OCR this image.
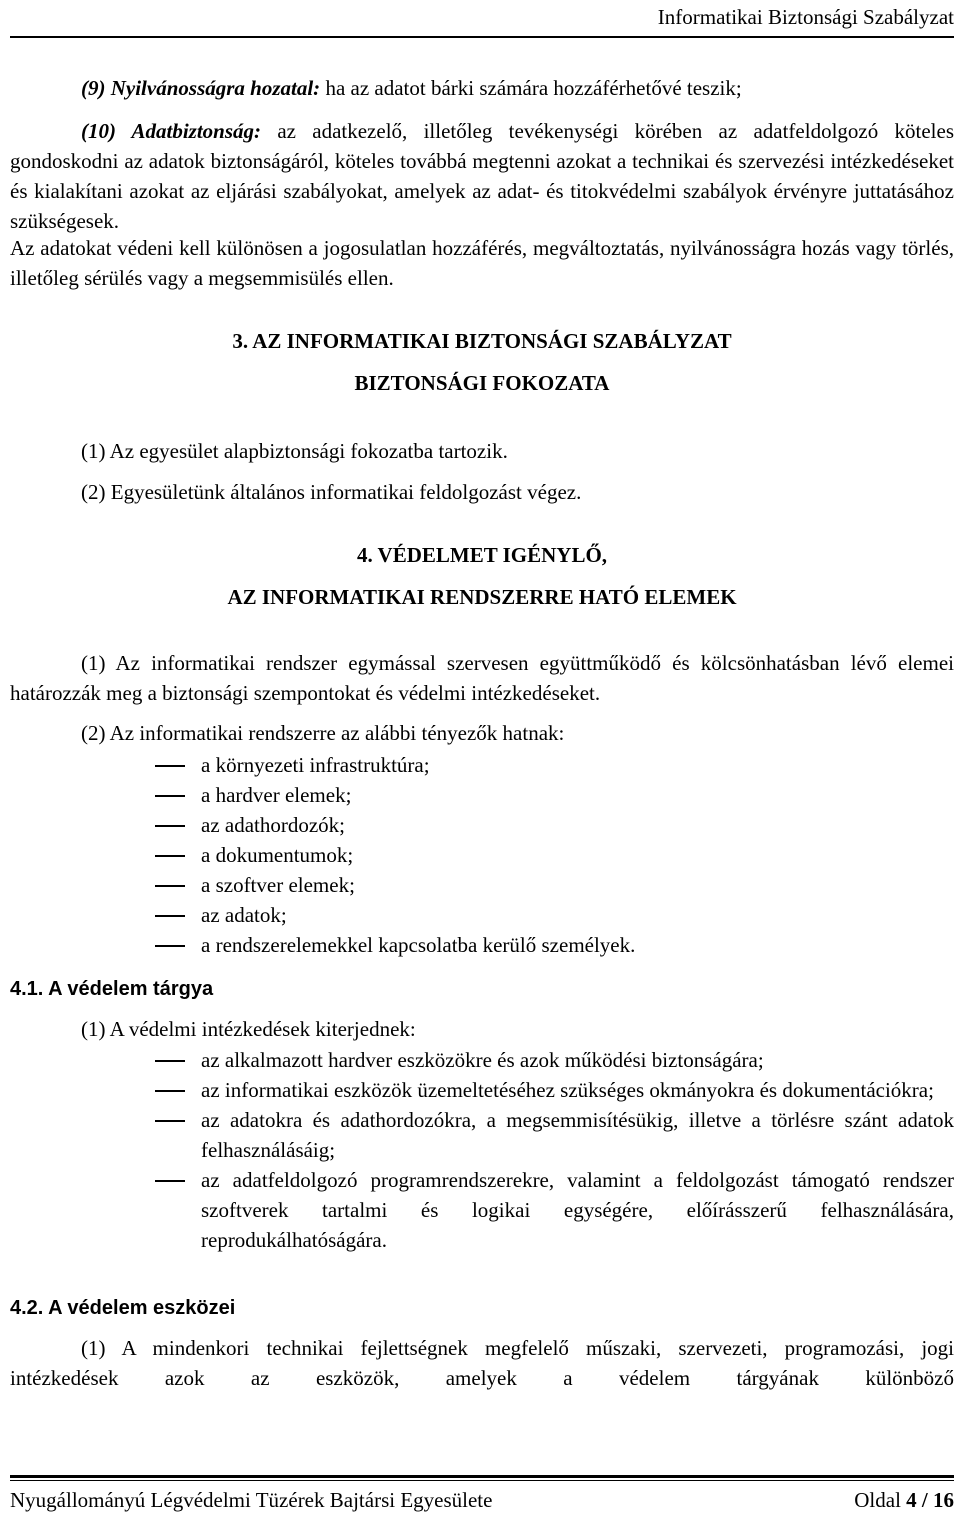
Informatikai Biztonsági Szabályzat

(9) Nyilvánosságra hozatal: ha az adatot bárki számára hozzáférhetővé teszik;

(10) Adatbiztonság: az adatkezelő, illetőleg tevékenységi körében az adatfeldolgozó köteles gondoskodni az adatok biztonságáról, köteles továbbá megtenni azokat a technikai és szervezési intézkedéseket és kialakítani azokat az eljárási szabályokat, amelyek az adat- és titokvédelmi szabályok érvényre juttatásához szükségesek.

Az adatokat védeni kell különösen a jogosulatlan hozzáférés, megváltoztatás, nyilvánosságra hozás vagy törlés, illetőleg sérülés vagy a megsemmisülés ellen.

3. AZ INFORMATIKAI BIZTONSÁGI SZABÁLYZAT
BIZTONSÁGI FOKOZATA

(1) Az egyesület alapbiztonsági fokozatba tartozik.

(2) Egyesületünk általános informatikai feldolgozást végez.

4. VÉDELMET IGÉNYLŐ,
AZ INFORMATIKAI RENDSZERRE HATÓ ELEMEK

(1) Az informatikai rendszer egymással szervesen együttműködő és kölcsönhatásban lévő elemei határozzák meg a biztonsági szempontokat és védelmi intézkedéseket.

(2) Az informatikai rendszerre az alábbi tényezők hatnak:

a környezeti infrastruktúra;
a hardver elemek;
az adathordozók;
a dokumentumok;
a szoftver elemek;
az adatok;
a rendszerelemekkel kapcsolatba kerülő személyek.
4.1. A védelem tárgya

(1) A védelmi intézkedések kiterjednek:

az alkalmazott hardver eszközökre és azok működési biztonságára;
az informatikai eszközök üzemeltetéséhez szükséges okmányokra és dokumentációkra;
az adatokra és adathordozókra, a megsemmisítésükig, illetve a törlésre szánt adatok felhasználásáig;
az adatfeldolgozó programrendszerekre, valamint a feldolgozást támogató rendszer szoftverek tartalmi és logikai egységére, előírásszerű felhasználására, reprodukálhatóságára.
4.2. A védelem eszközei

(1) A mindenkori technikai fejlettségnek megfelelő műszaki, szervezeti, programozási, jogi intézkedések azok az eszközök, amelyek a védelem tárgyának különböző

Nyugállományú Légvédelmi Tüzérek Bajtársi Egyesülete	Oldal 4 / 16
